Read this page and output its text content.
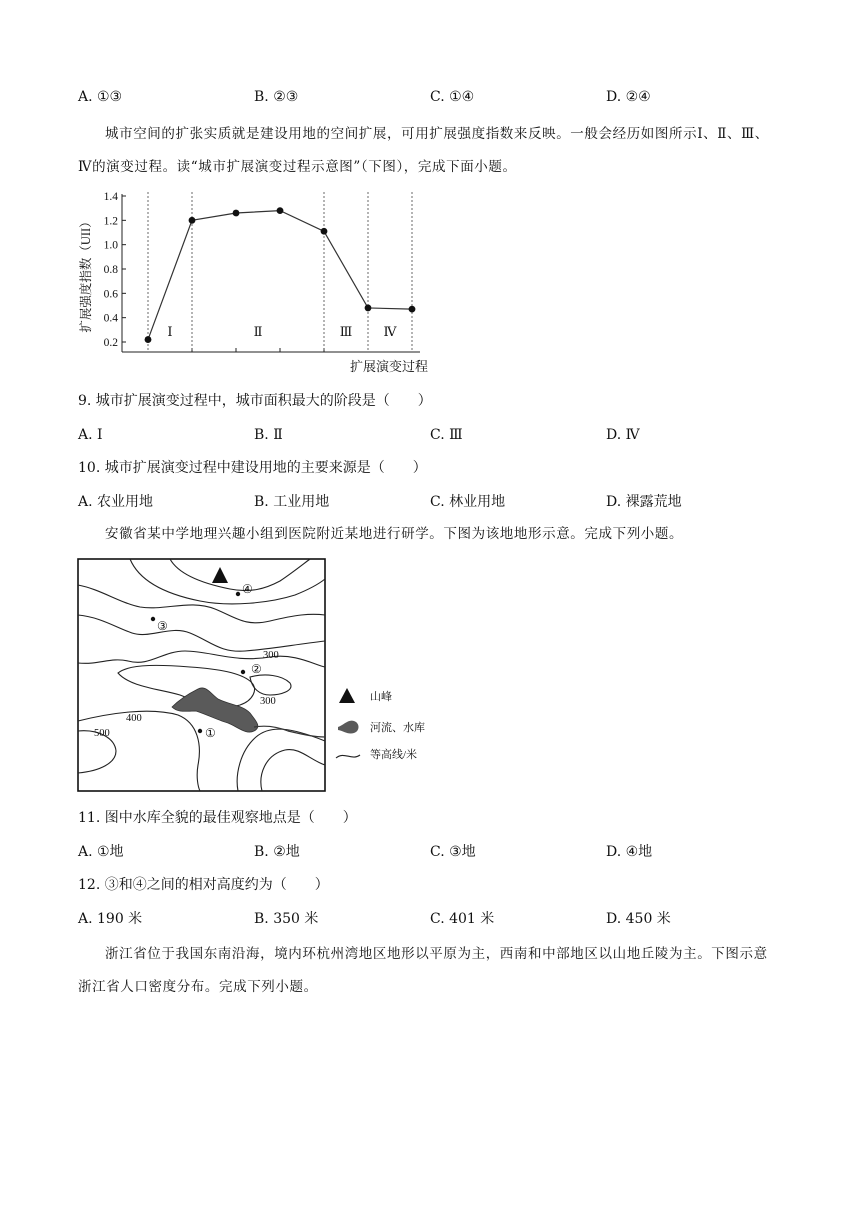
A. ①③	B. ②③	C. ①④	D. ②④
城市空间的扩张实质就是建设用地的空间扩展，可用扩展强度指数来反映。一般会经历如图所示Ⅰ、Ⅱ、Ⅲ、Ⅳ的演变过程。读“城市扩展演变过程示意图”（下图），完成下面小题。
0.2
0.4
0.6
0.8
1.0
1.2
1.4
Ⅰ	Ⅱ	Ⅲ Ⅳ
扩展演变过程
扩展强度指数（UII）
9. 城市扩展演变过程中，城市面积最大的阶段是（　　）
A. Ⅰ	B. Ⅱ	C. Ⅲ	D. Ⅳ
10. 城市扩展演变过程中建设用地的主要来源是（　　）
A. 农业用地	B. 工业用地	C. 林业用地	D. 裸露荒地
安徽省某中学地理兴趣小组到医院附近某地进行研学。下图为该地地形示意。完成下列小题。
④
③
②
①
300
300
400
500
山峰
河流、水库
等高线/米
11. 图中水库全貌的最佳观察地点是（　　）
A. ①地	B. ②地	C. ③地	D. ④地
12. ③和④之间的相对高度约为（　　）
A. 190 米	B. 350 米	C. 401 米	D. 450 米
浙江省位于我国东南沿海，境内环杭州湾地区地形以平原为主，西南和中部地区以山地丘陵为主。下图示意浙江省人口密度分布。完成下列小题。
